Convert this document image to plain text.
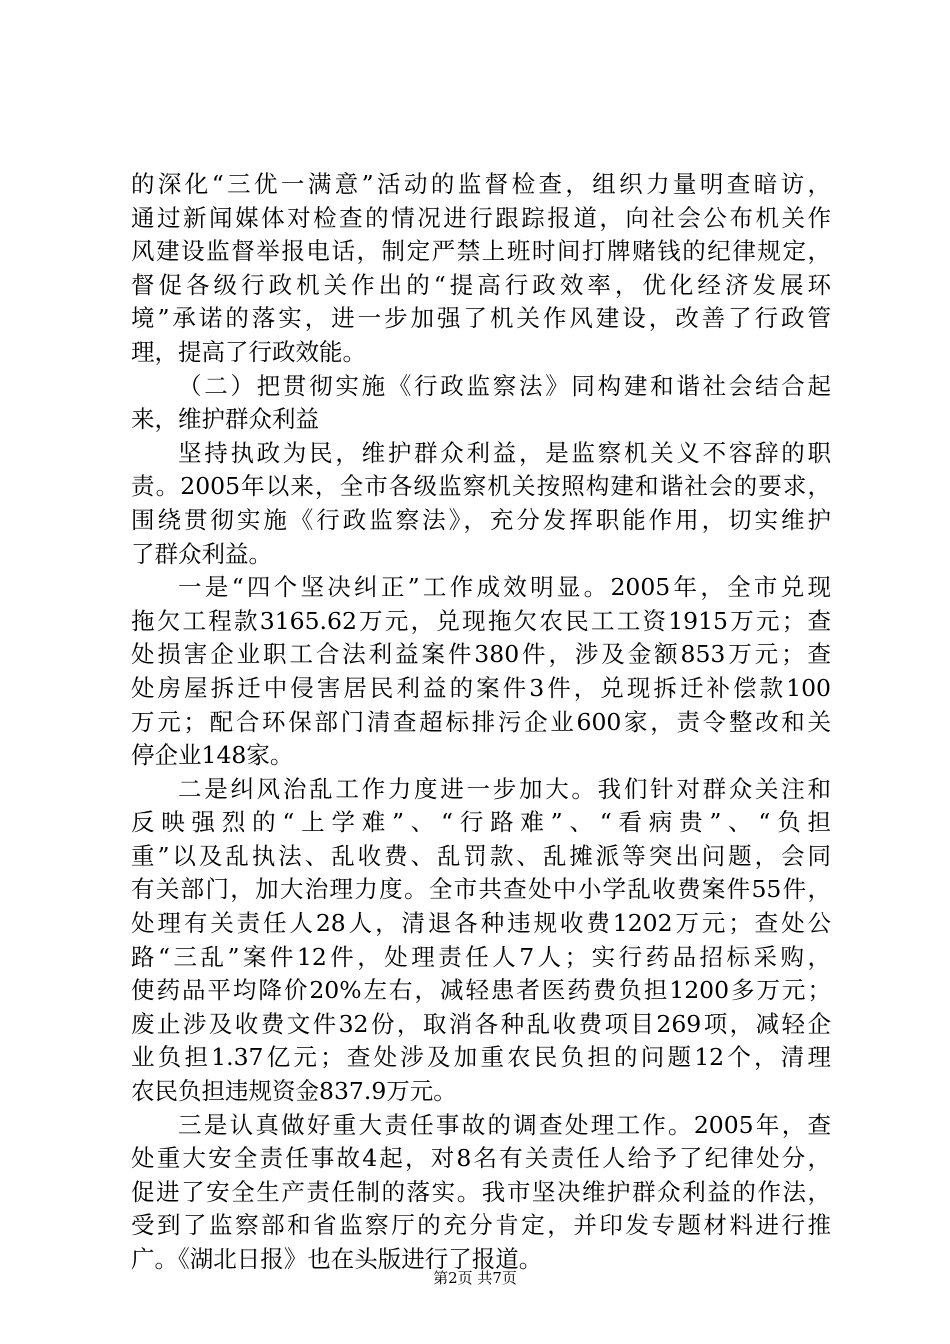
的深化“三优一满意”活动的监督检查，组织力量明查暗访，
通过新闻媒体对检查的情况进行跟踪报道，向社会公布机关作
风建设监督举报电话，制定严禁上班时间打牌赌钱的纪律规定，
督促各级行政机关作出的“提高行政效率，优化经济发展环
境”承诺的落实，进一步加强了机关作风建设，改善了行政管
理，提高了行政效能。
（二）把贯彻实施《行政监察法》同构建和谐社会结合起
来，维护群众利益
坚持执政为民，维护群众利益，是监察机关义不容辞的职
责。2005年以来，全市各级监察机关按照构建和谐社会的要求，
围绕贯彻实施《行政监察法》，充分发挥职能作用，切实维护
了群众利益。
一是“四个坚决纠正”工作成效明显。2005年，全市兑现
拖欠工程款3165.62万元，兑现拖欠农民工工资1915万元；查
处损害企业职工合法利益案件380件，涉及金额853万元；查
处房屋拆迁中侵害居民利益的案件3件，兑现拆迁补偿款100
万元；配合环保部门清查超标排污企业600家，责令整改和关
停企业148家。
二是纠风治乱工作力度进一步加大。我们针对群众关注和
反映强烈的“上学难”、“行路难”、“看病贵”、“负担
重”以及乱执法、乱收费、乱罚款、乱摊派等突出问题，会同
有关部门，加大治理力度。全市共查处中小学乱收费案件55件，
处理有关责任人28人，清退各种违规收费1202万元；查处公
路“三乱”案件12件，处理责任人7人；实行药品招标采购，
使药品平均降价20%左右，减轻患者医药费负担1200多万元；
废止涉及收费文件32份，取消各种乱收费项目269项，减轻企
业负担1.37亿元；查处涉及加重农民负担的问题12个，清理
农民负担违规资金837.9万元。
三是认真做好重大责任事故的调查处理工作。2005年，查
处重大安全责任事故4起，对8名有关责任人给予了纪律处分，
促进了安全生产责任制的落实。我市坚决维护群众利益的作法，
受到了监察部和省监察厅的充分肯定，并印发专题材料进行推
广。《湖北日报》也在头版进行了报道。
第2页 共7页
